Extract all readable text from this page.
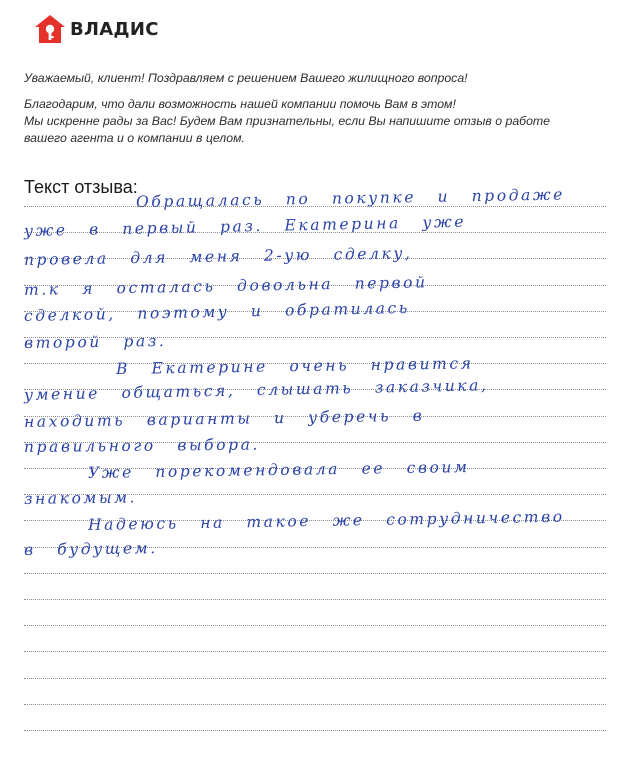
ВЛАДИС

Уважаемый, клиент! Поздравляем с решением Вашего жилищного вопроса!

Благодарим, что дали возможность нашей компании помочь Вам в этом!

Мы искренне рады за Вас! Будем Вам признательны, если Вы напишите отзыв о работе

вашего агента и о компании в целом.

Текст отзыва:
Обращалась по покупке и продаже
уже в первый раз. Екатерина уже
провела для меня 2-ую сделку,
т.к я осталась довольна первой
сделкой, поэтому и обратилась
второй раз.
В Екатерине очень нравится
умение общаться, слышать заказчика,
находить варианты и уберечь в
правильного выбора.
Уже порекомендовала ее своим
знакомым.
Надеюсь на такое же сотрудничество
в будущем.
